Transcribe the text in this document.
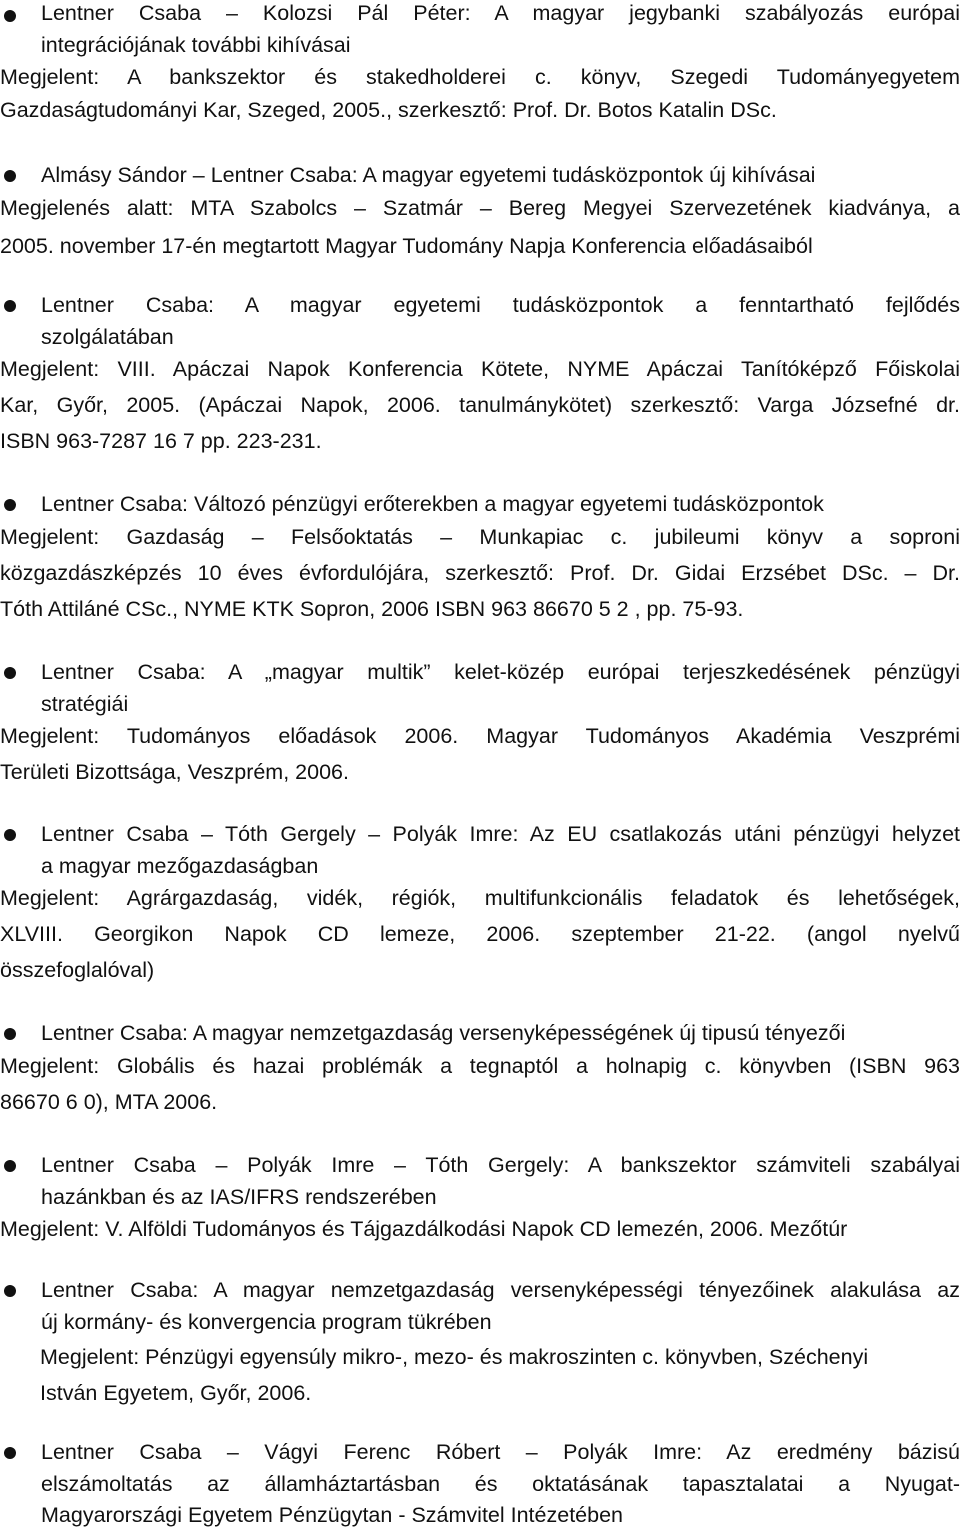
Lentner Csaba – Kolozsi Pál Péter: A magyar jegybanki szabályozás európai
integrációjának további kihívásai
Megjelent: A bankszektor és stakedholderei c. könyv, Szegedi Tudományegyetem
Gazdaságtudományi Kar, Szeged, 2005., szerkesztő: Prof. Dr. Botos Katalin DSc.
Almásy Sándor – Lentner Csaba: A magyar egyetemi tudásközpontok új kihívásai
Megjelenés alatt: MTA Szabolcs – Szatmár – Bereg Megyei Szervezetének kiadványa, a
2005. november 17-én megtartott Magyar Tudomány Napja Konferencia előadásaiból
Lentner Csaba: A magyar egyetemi tudásközpontok a fenntartható fejlődés
szolgálatában
Megjelent: VIII. Apáczai Napok Konferencia Kötete, NYME Apáczai Tanítóképző Főiskolai
Kar, Győr, 2005. (Apáczai Napok, 2006. tanulmánykötet) szerkesztő: Varga Józsefné dr.
ISBN 963-7287 16 7 pp. 223-231.
Lentner Csaba: Változó pénzügyi erőterekben a magyar egyetemi tudásközpontok
Megjelent: Gazdaság – Felsőoktatás – Munkapiac c. jubileumi könyv a soproni
közgazdászképzés 10 éves évfordulójára, szerkesztő: Prof. Dr. Gidai Erzsébet DSc. – Dr.
Tóth Attiláné CSc., NYME KTK Sopron, 2006 ISBN 963 86670 5 2 , pp. 75-93.
Lentner Csaba: A „magyar multik” kelet-közép európai terjeszkedésének pénzügyi
stratégiái
Megjelent: Tudományos előadások 2006. Magyar Tudományos Akadémia Veszprémi
Területi Bizottsága, Veszprém, 2006.
Lentner Csaba – Tóth Gergely – Polyák Imre: Az EU csatlakozás utáni pénzügyi helyzet
a magyar mezőgazdaságban
Megjelent: Agrárgazdaság, vidék, régiók, multifunkcionális feladatok és lehetőségek,
XLVIII. Georgikon Napok CD lemeze, 2006. szeptember 21-22. (angol nyelvű
összefoglalóval)
Lentner Csaba: A magyar nemzetgazdaság versenyképességének új tipusú tényezői
Megjelent: Globális és hazai problémák a tegnaptól a holnapig c. könyvben (ISBN 963
86670 6 0), MTA 2006.
Lentner Csaba – Polyák Imre – Tóth Gergely: A bankszektor számviteli szabályai
hazánkban és az IAS/IFRS rendszerében
Megjelent: V. Alföldi Tudományos és Tájgazdálkodási Napok CD lemezén, 2006. Mezőtúr
Lentner Csaba: A magyar nemzetgazdaság versenyképességi tényezőinek alakulása az
új kormány- és konvergencia program tükrében
Megjelent: Pénzügyi egyensúly mikro-, mezo- és makroszinten c. könyvben, Széchenyi
István Egyetem, Győr, 2006.
Lentner Csaba – Vágyi Ferenc Róbert – Polyák Imre: Az eredmény bázisú
elszámoltatás az államháztartásban és oktatásának tapasztalatai a Nyugat-
Magyarországi Egyetem Pénzügytan - Számvitel Intézetében
